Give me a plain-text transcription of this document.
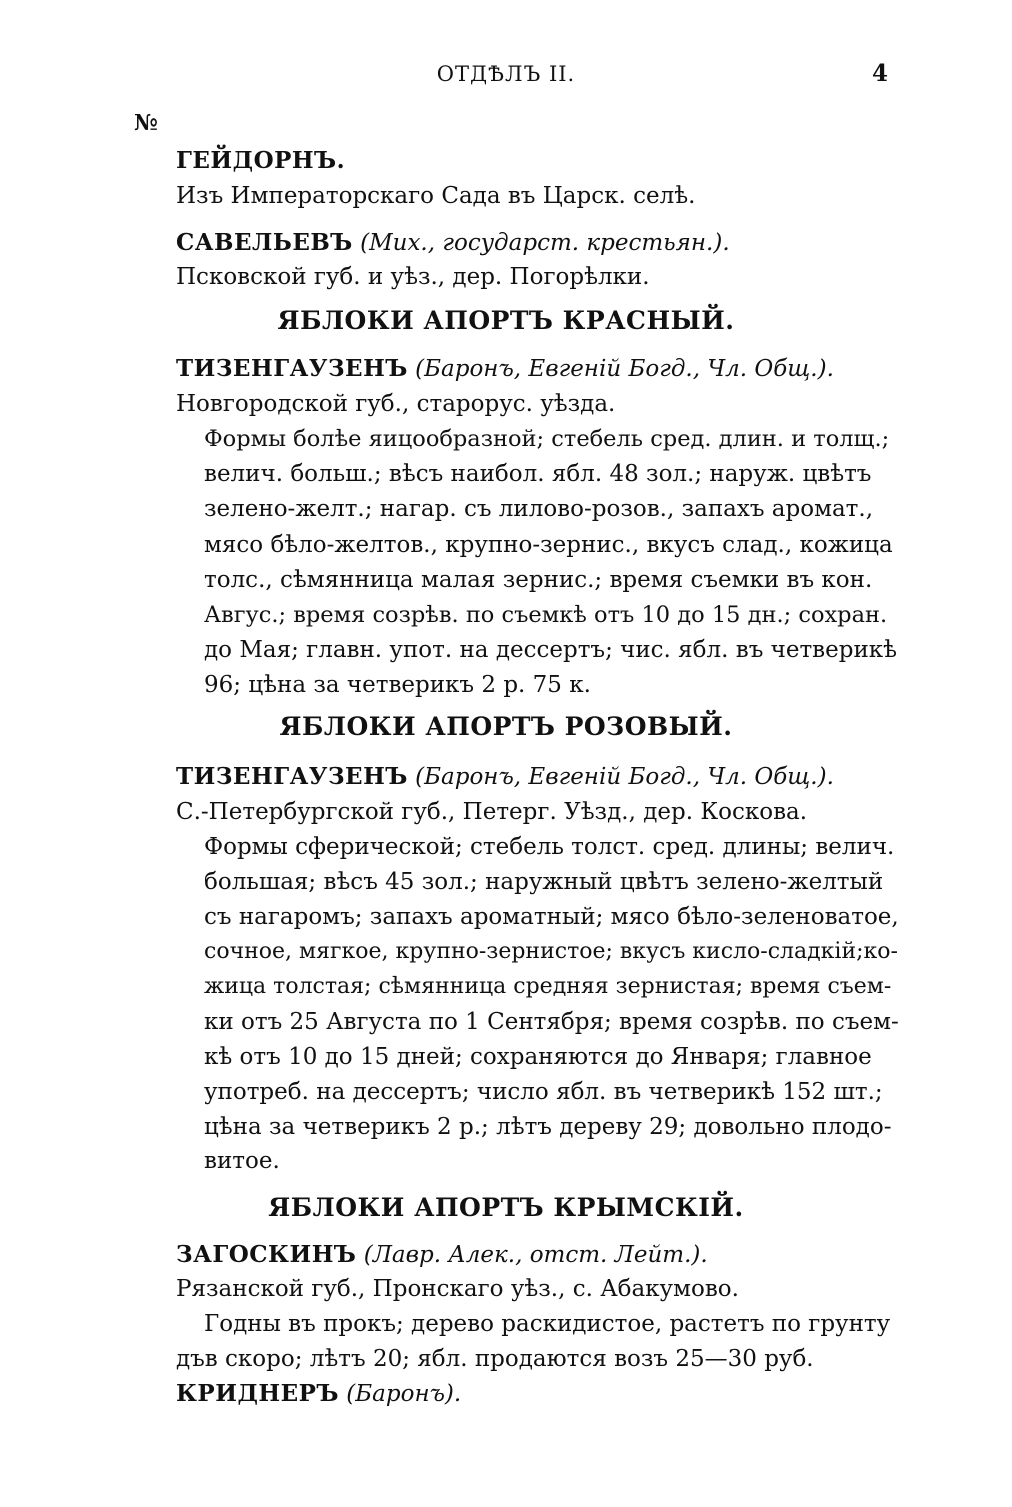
ОТДѢЛЪ II.	4
№
ГЕЙДОРНЪ.
Изъ Императорскаго Сада въ Царск. селѣ.
САВЕЛЬЕВЪ (Мих., государст. крестьян.).
Псковской губ. и уѣз., дер. Погорѣлки.
ЯБЛОКИ АПОРТЪ КРАСНЫЙ.
ТИЗЕНГАУЗЕНЪ (Баронъ, Евгеній Богд., Чл. Общ.).
Новгородской губ., старорус. уѣзда.
Формы болѣе яицообразной; стебель сред. длин. и толщ.;
велич. больш.; вѣсъ наибол. ябл. 48 зол.; наруж. цвѣтъ
зелено-желт.; нагар. съ лилово-розов., запахъ аромат.,
мясо бѣло-желтов., крупно-зернис., вкусъ слад., кожица
толс., сѣмянница малая зернис.; время съемки въ кон.
Авгус.; время созрѣв. по съемкѣ отъ 10 до 15 дн.; сохран.
до Мая; главн. упот. на дессертъ; чис. ябл. въ четверикѣ
96; цѣна за четверикъ 2 р. 75 к.
ЯБЛОКИ АПОРТЪ РОЗОВЫЙ.
ТИЗЕНГАУЗЕНЪ (Баронъ, Евгеній Богд., Чл. Общ.).
С.-Петербургской губ., Петерг. Уѣзд., дер. Коскова.
Формы сферической; стебель толст. сред. длины; велич.
большая; вѣсъ 45 зол.; наружный цвѣтъ зелено-желтый
съ нагаромъ; запахъ ароматный; мясо бѣло-зеленоватое,
сочное, мягкое, крупно-зернистое; вкусъ кисло-сладкій;ко-
жица толстая; сѣмянница средняя зернистая; время съем-
ки отъ 25 Августа по 1 Сентября; время созрѣв. по съем-
кѣ отъ 10 до 15 дней; сохраняются до Января; главное
употреб. на дессертъ; число ябл. въ четверикѣ 152 шт.;
цѣна за четверикъ 2 р.; лѣтъ дереву 29; довольно плодо-
витое.
ЯБЛОКИ АПОРТЪ КРЫМСКІЙ.
ЗАГОСКИНЪ (Лавр. Алек., отст. Лейт.).
Рязанской губ., Пронскаго уѣз., с. Абакумово.
Годны въ прокъ; дерево раскидистое, растетъ по грунту
дъв скоро; лѣтъ 20; ябл. продаются возъ 25—30 руб.
КРИДНЕРЪ (Баронъ).
